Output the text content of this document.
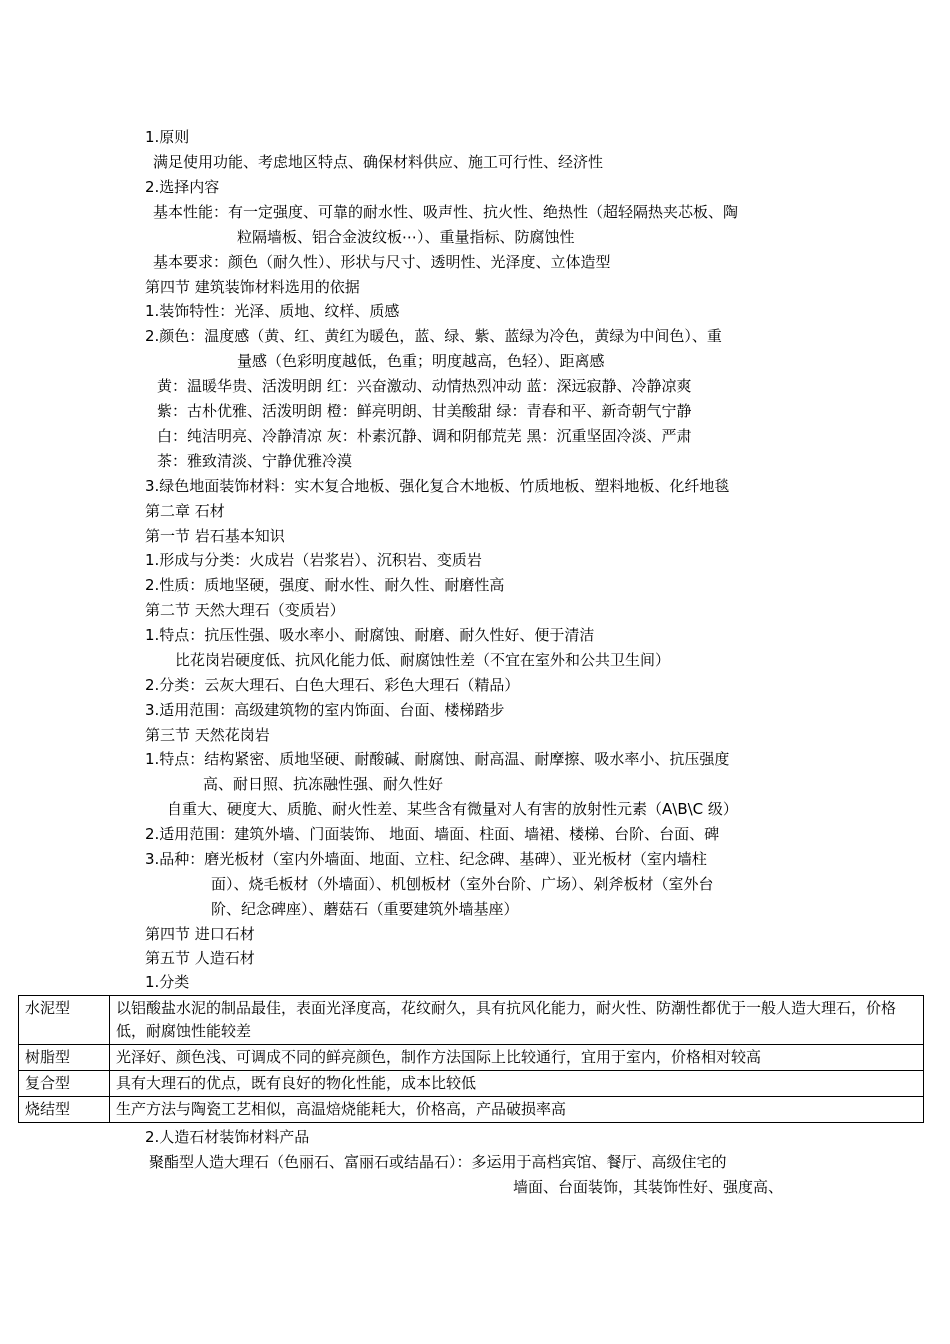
1.原则
满足使用功能、考虑地区特点、确保材料供应、施工可行性、经济性
2.选择内容
基本性能：有一定强度、可靠的耐水性、吸声性、抗火性、绝热性（超轻隔热夹芯板、陶
粒隔墙板、铝合金波纹板⋯）、重量指标、防腐蚀性
基本要求：颜色（耐久性）、形状与尺寸、透明性、光泽度、立体造型
第四节 建筑装饰材料选用的依据
1.装饰特性：光泽、质地、纹样、质感
2.颜色：温度感（黄、红、黄红为暖色，蓝、绿、紫、蓝绿为冷色，黄绿为中间色）、重
量感（色彩明度越低，色重；明度越高，色轻）、距离感
黄：温暖华贵、活泼明朗 红：兴奋激动、动情热烈冲动 蓝：深远寂静、冷静凉爽
紫：古朴优雅、活泼明朗 橙：鲜亮明朗、甘美酸甜 绿：青春和平、新奇朝气宁静
白：纯洁明亮、冷静清凉 灰：朴素沉静、调和阴郁荒芜 黑：沉重坚固冷淡、严肃
茶：雅致清淡、宁静优雅冷漠
3.绿色地面装饰材料：实木复合地板、强化复合木地板、竹质地板、塑料地板、化纤地毯
第二章 石材
第一节 岩石基本知识
1.形成与分类：火成岩（岩浆岩）、沉积岩、变质岩
2.性质：质地坚硬，强度、耐水性、耐久性、耐磨性高
第二节 天然大理石（变质岩）
1.特点：抗压性强、吸水率小、耐腐蚀、耐磨、耐久性好、便于清洁
比花岗岩硬度低、抗风化能力低、耐腐蚀性差（不宜在室外和公共卫生间）
2.分类：云灰大理石、白色大理石、彩色大理石（精品）
3.适用范围：高级建筑物的室内饰面、台面、楼梯踏步
第三节 天然花岗岩
1.特点：结构紧密、质地坚硬、耐酸碱、耐腐蚀、耐高温、耐摩擦、吸水率小、抗压强度
高、耐日照、抗冻融性强、耐久性好
自重大、硬度大、质脆、耐火性差、某些含有微量对人有害的放射性元素（A\B\C 级）
2.适用范围：建筑外墙、门面装饰、 地面、墙面、柱面、墙裙、楼梯、台阶、台面、碑
3.品种：磨光板材（室内外墙面、地面、立柱、纪念碑、基碑）、亚光板材（室内墙柱
面）、烧毛板材（外墙面）、机刨板材（室外台阶、广场）、剁斧板材（室外台
阶、纪念碑座）、蘑菇石（重要建筑外墙基座）
第四节 进口石材
第五节 人造石材
1.分类
水泥型	以铝酸盐水泥的制品最佳，表面光泽度高，花纹耐久，具有抗风化能力，耐火性、防潮性都优于一般人造大理石，价格低，耐腐蚀性能较差
树脂型	光泽好、颜色浅、可调成不同的鲜亮颜色，制作方法国际上比较通行，宜用于室内，价格相对较高
复合型	具有大理石的优点，既有良好的物化性能，成本比较低
烧结型	生产方法与陶瓷工艺相似，高温焙烧能耗大，价格高，产品破损率高
2.人造石材装饰材料产品
聚酯型人造大理石（色丽石、富丽石或结晶石）：多运用于高档宾馆、餐厅、高级住宅的
墙面、台面装饰，其装饰性好、强度高、
